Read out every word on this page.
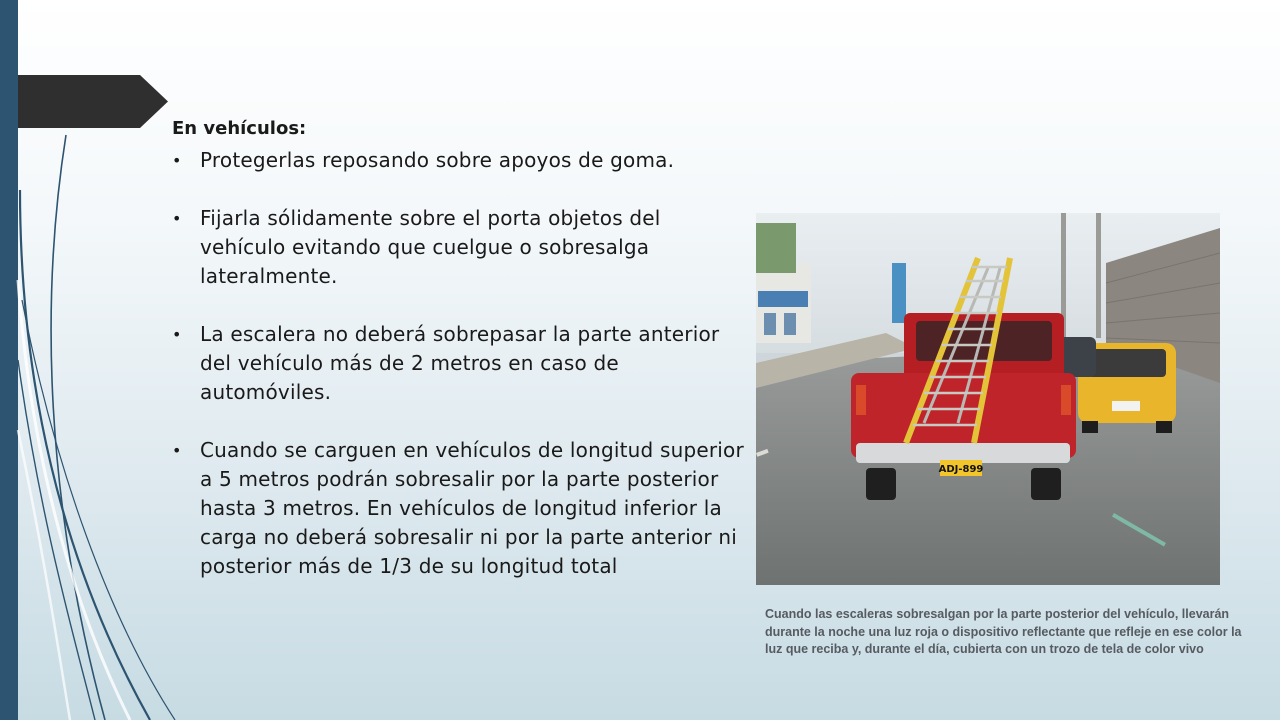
En vehículos:
• Protegerlas reposando sobre apoyos de goma.
• Fijarla sólidamente sobre el porta objetos del vehículo evitando que cuelgue o sobresalga lateralmente.
• La escalera no deberá sobrepasar la parte anterior del vehículo más de 2 metros en caso de automóviles.
• Cuando se carguen en vehículos de longitud superior a 5 metros podrán sobresalir por la parte posterior hasta 3 metros. En vehículos de longitud inferior la carga no deberá sobresalir ni por la parte anterior ni posterior más de 1/3 de su longitud total
ADJ-899
Cuando las escaleras sobresalgan por la parte posterior del vehículo, llevarán durante la noche una luz roja o dispositivo reflectante que refleje en ese color la luz que reciba y, durante el día, cubierta con un trozo de tela de color vivo
